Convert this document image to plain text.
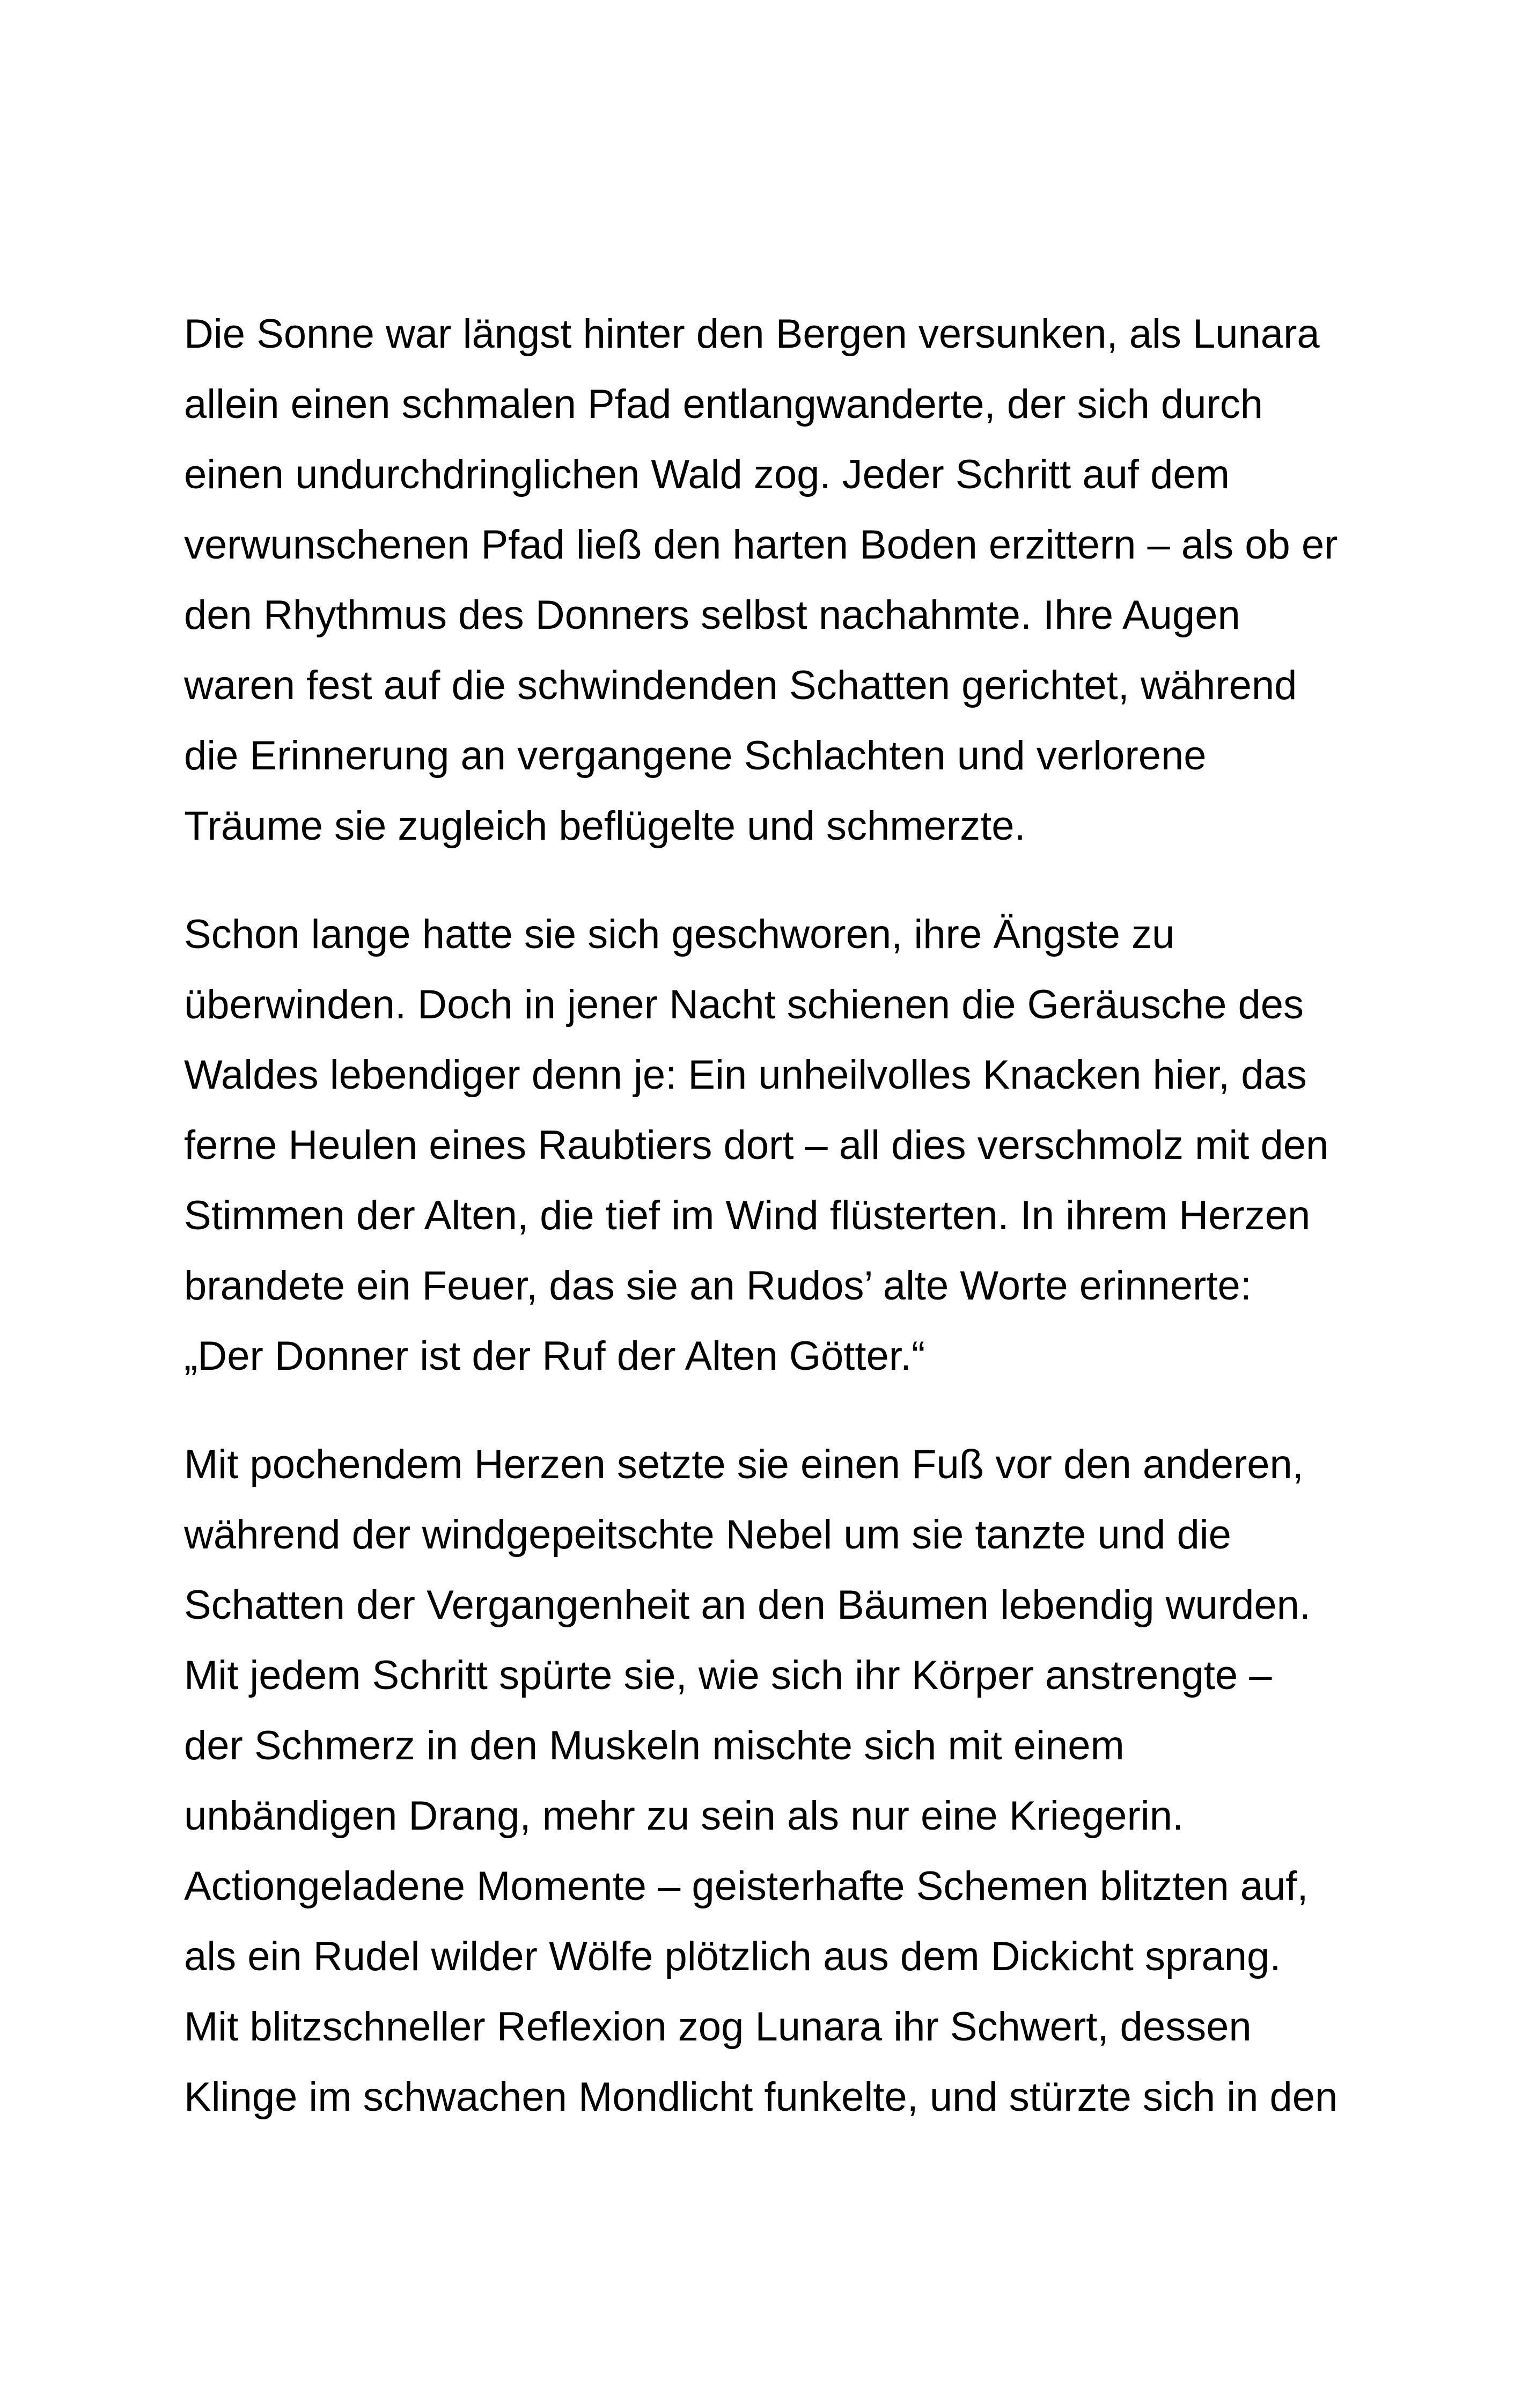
Die Sonne war längst hinter den Bergen versunken, als Lunara
allein einen schmalen Pfad entlangwanderte, der sich durch
einen undurchdringlichen Wald zog. Jeder Schritt auf dem
verwunschenen Pfad ließ den harten Boden erzittern – als ob er
den Rhythmus des Donners selbst nachahmte. Ihre Augen
waren fest auf die schwindenden Schatten gerichtet, während
die Erinnerung an vergangene Schlachten und verlorene
Träume sie zugleich beflügelte und schmerzte.
Schon lange hatte sie sich geschworen, ihre Ängste zu
überwinden. Doch in jener Nacht schienen die Geräusche des
Waldes lebendiger denn je: Ein unheilvolles Knacken hier, das
ferne Heulen eines Raubtiers dort – all dies verschmolz mit den
Stimmen der Alten, die tief im Wind flüsterten. In ihrem Herzen
brandete ein Feuer, das sie an Rudos’ alte Worte erinnerte:
„Der Donner ist der Ruf der Alten Götter.“
Mit pochendem Herzen setzte sie einen Fuß vor den anderen,
während der windgepeitschte Nebel um sie tanzte und die
Schatten der Vergangenheit an den Bäumen lebendig wurden.
Mit jedem Schritt spürte sie, wie sich ihr Körper anstrengte –
der Schmerz in den Muskeln mischte sich mit einem
unbändigen Drang, mehr zu sein als nur eine Kriegerin.
Actiongeladene Momente – geisterhafte Schemen blitzten auf,
als ein Rudel wilder Wölfe plötzlich aus dem Dickicht sprang.
Mit blitzschneller Reflexion zog Lunara ihr Schwert, dessen
Klinge im schwachen Mondlicht funkelte, und stürzte sich in den
